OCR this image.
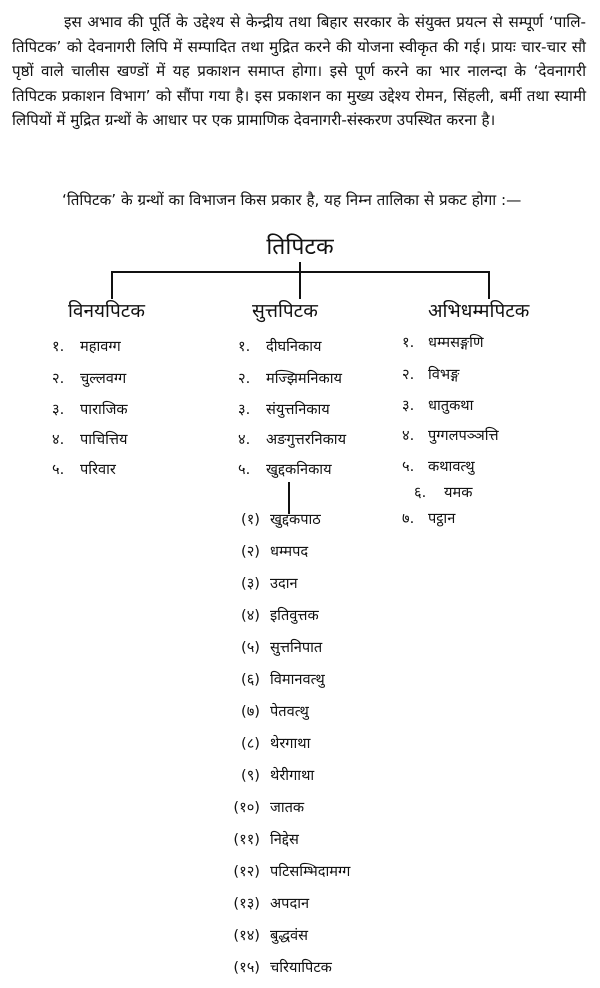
इस अभाव की पूर्ति के उद्देश्य से केन्द्रीय तथा बिहार सरकार के संयुक्त प्रयत्न से सम्पूर्ण ‘पालि-तिपिटक’ को देवनागरी लिपि में सम्पादित तथा मुद्रित करने की योजना स्वीकृत की गई। प्रायः चार-चार सौ पृष्ठों वाले चालीस खण्डों में यह प्रकाशन समाप्त होगा। इसे पूर्ण करने का भार नालन्दा के ‘देवनागरी तिपिटक प्रकाशन विभाग’ को सौंपा गया है। इस प्रकाशन का मुख्य उद्देश्य रोमन, सिंहली, बर्मी तथा स्यामी लिपियों में मुद्रित ग्रन्थों के आधार पर एक प्रामाणिक देवनागरी-संस्करण उपस्थित करना है।

‘तिपिटक’ के ग्रन्थों का विभाजन किस प्रकार है, यह निम्न तालिका से प्रकट होगा :—

तिपिटक
विनयपिटक	सुत्तपिटक	अभिधम्मपिटक
१. महावग्ग
२. चुल्लवग्ग
३. पाराजिक
४. पाचित्तिय
५. परिवार
१. दीघनिकाय
२. मज्झिमनिकाय
३. संयुत्तनिकाय
४. अङगुत्तरनिकाय
५. खुद्दकनिकाय
१. धम्मसङ्गणि
२. विभङ्ग
३. धातुकथा
४. पुग्गलपञ्ञत्ति
५. कथावत्थु
६. यमक
७. पट्ठान
(१) खुद्दकपाठ
(२) धम्मपद
(३) उदान
(४) इतिवुत्तक
(५) सुत्तनिपात
(६) विमानवत्थु
(७) पेतवत्थु
(८) थेरगाथा
(९) थेरीगाथा
(१०) जातक
(११) निद्देस
(१२) पटिसम्भिदामग्ग
(१३) अपदान
(१४) बुद्धवंस
(१५) चरियापिटक
